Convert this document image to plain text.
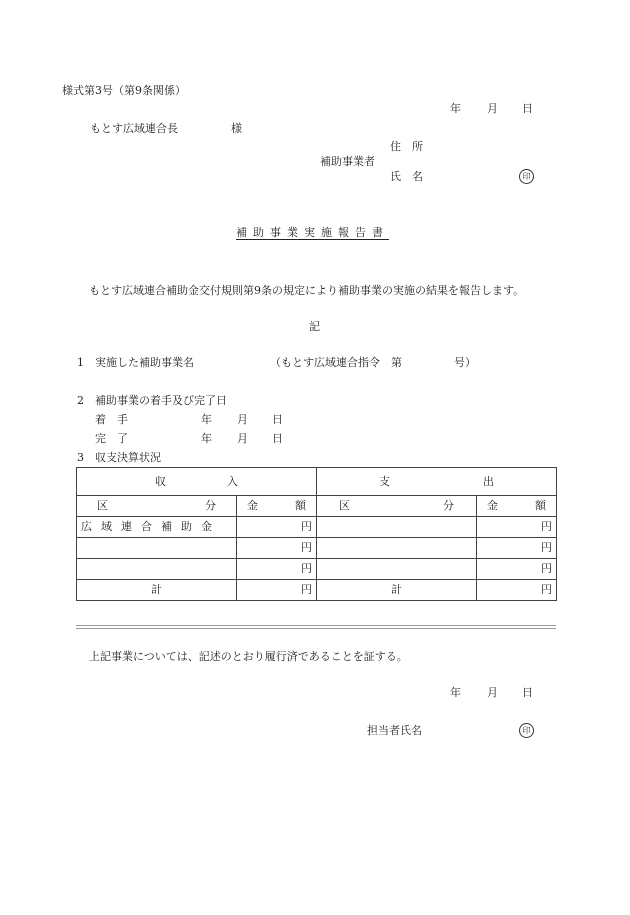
様式第3号（第9条関係）
年 月 日
もとす広域連合長	様
住　所
補助事業者
氏　名	印
補助事業実施報告書
もとす広域連合補助金交付規則第9条の規定により補助事業の実施の結果を報告します。
記
1 実施した補助事業名	（もとす広域連合指令　第	号）
2 補助事業の着手及び完了日
着　手	年 月 日
完　了	年 月 日
3 収支決算状況
収 入		支 出	

区 分	金 額	区 分	金 額

広域連合補助金	円		円
	円		円
	円		円
計	円	計	円
上記事業については、記述のとおり履行済であることを証する。
年 月 日
担当者氏名	印
